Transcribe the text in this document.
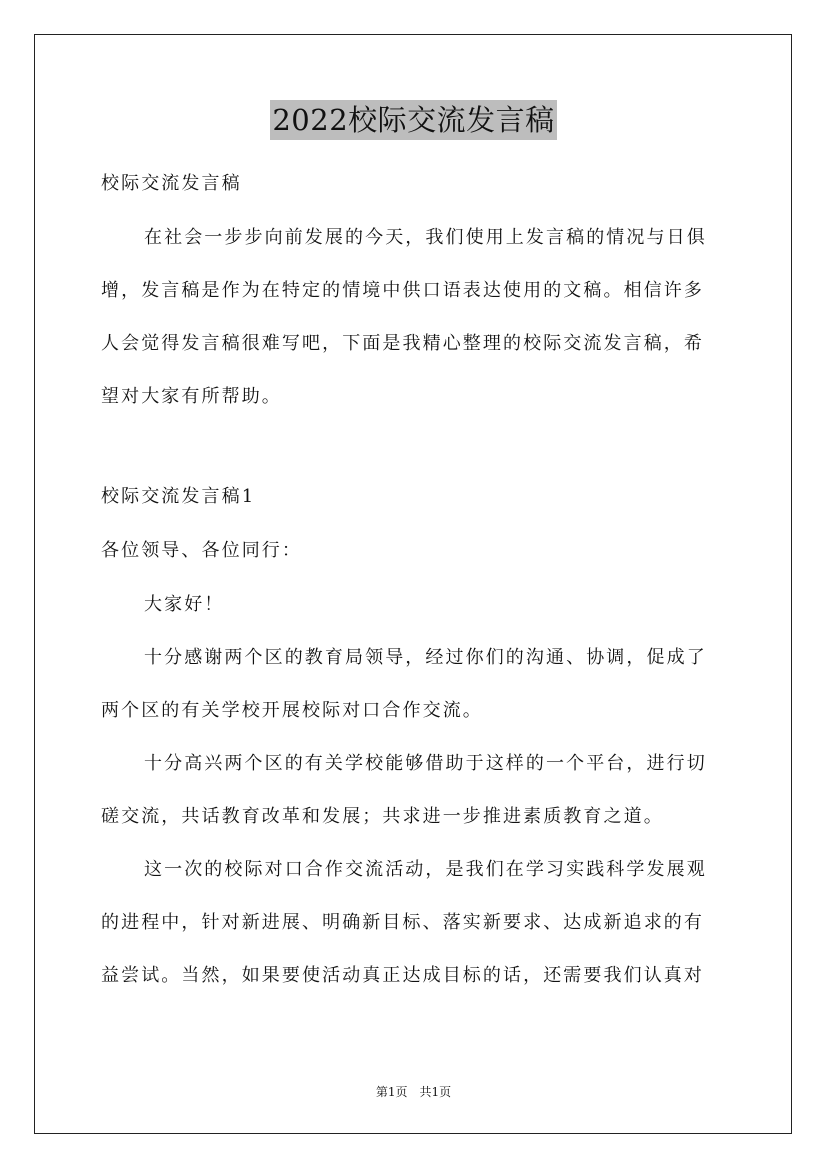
2022校际交流发言稿
校际交流发言稿
在社会一步步向前发展的今天，我们使用上发言稿的情况与日俱
增，发言稿是作为在特定的情境中供口语表达使用的文稿。相信许多
人会觉得发言稿很难写吧，下面是我精心整理的校际交流发言稿，希
望对大家有所帮助。
校际交流发言稿1
各位领导、各位同行：
大家好！
十分感谢两个区的教育局领导，经过你们的沟通、协调，促成了
两个区的有关学校开展校际对口合作交流。
十分高兴两个区的有关学校能够借助于这样的一个平台，进行切
磋交流，共话教育改革和发展；共求进一步推进素质教育之道。
这一次的校际对口合作交流活动，是我们在学习实践科学发展观
的进程中，针对新进展、明确新目标、落实新要求、达成新追求的有
益尝试。当然，如果要使活动真正达成目标的话，还需要我们认真对
第1页　共1页
